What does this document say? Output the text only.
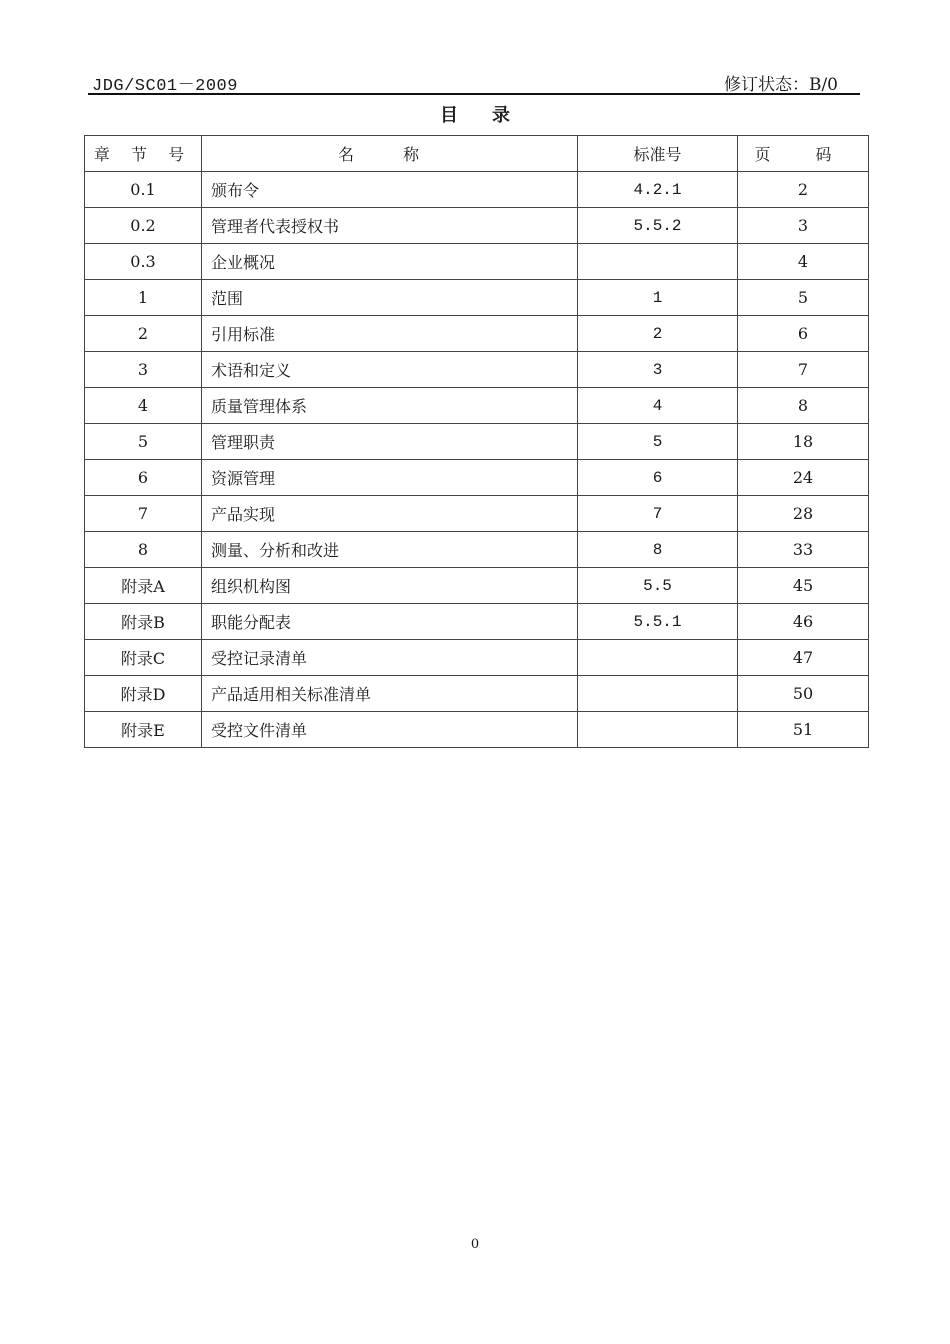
JDG/SC01－2009	修订状态：B/0
目录
章 节 号	名 称	标准号	页 码
0.1	颁布令	4.2.1	2
0.2	管理者代表授权书	5.5.2	3
0.3	企业概况		4
1	范围	1	5
2	引用标准	2	6
3	术语和定义	3	7
4	质量管理体系	4	8
5	管理职责	5	18
6	资源管理	6	24
7	产品实现	7	28
8	测量、分析和改进	8	33
附录A	组织机构图	5.5	45
附录B	职能分配表	5.5.1	46
附录C	受控记录清单		47
附录D	产品适用相关标准清单		50
附录E	受控文件清单		51
0
